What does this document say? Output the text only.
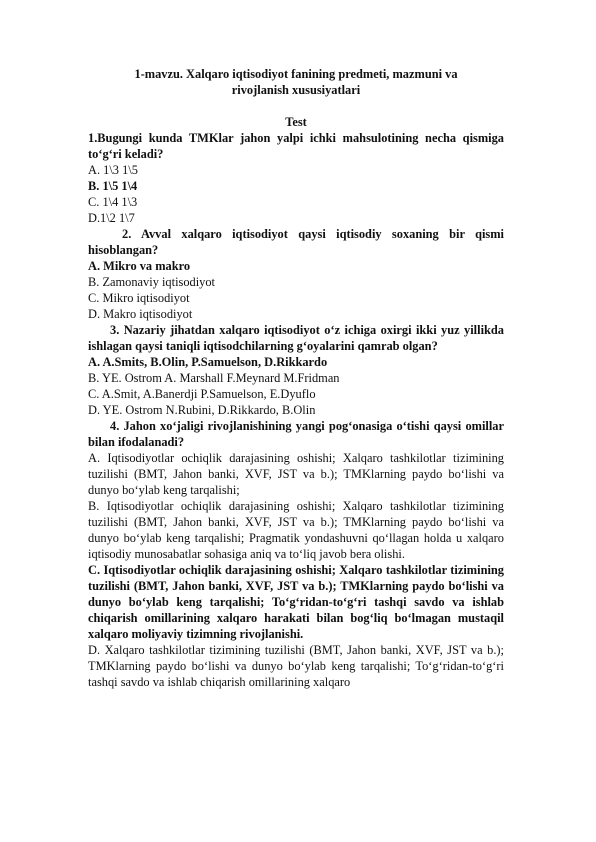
1-mavzu. Xalqaro iqtisodiyot fanining predmeti, mazmuni va rivojlanish xususiyatlari

Test

1.Bugungi kunda TMKlar jahon yalpi ichki mahsulotining necha qismiga to‘g‘ri keladi?

A. 1\3 1\5

B. 1\5 1\4

C. 1\4 1\3

D.1\2 1\7

2. Avval xalqaro iqtisodiyot qaysi iqtisodiy soxaning bir qismi hisoblangan?

A. Mikro va makro

B. Zamonaviy iqtisodiyot

C. Mikro iqtisodiyot

D. Makro iqtisodiyot

3. Nazariy jihatdan xalqaro iqtisodiyot o‘z ichiga oxirgi ikki yuz yillikda ishlagan qaysi taniqli iqtisodchilarning g‘oyalarini qamrab olgan?

A. A.Smits, B.Olin, P.Samuelson, D.Rikkardo

B. YE. Ostrom A. Marshall F.Meynard M.Fridman

C. A.Smit, A.Banerdji P.Samuelson, E.Dyuflo

D. YE. Ostrom N.Rubini, D.Rikkardo, B.Olin

4. Jahon xo‘jaligi rivojlanishining yangi pog‘onasiga o‘tishi qaysi omillar bilan ifodalanadi?

A. Iqtisodiyotlar ochiqlik darajasining oshishi; Xalqaro tashkilotlar tizimining tuzilishi (BMT, Jahon banki, XVF, JST va b.); TMKlarning paydo bo‘lishi va dunyo bo‘ylab keng tarqalishi;

B. Iqtisodiyotlar ochiqlik darajasining oshishi; Xalqaro tashkilotlar tizimining tuzilishi (BMT, Jahon banki, XVF, JST va b.); TMKlarning paydo bo‘lishi va dunyo bo‘ylab keng tarqalishi; Pragmatik yondashuvni qo‘llagan holda u xalqaro iqtisodiy munosabatlar sohasiga aniq va to‘liq javob bera olishi.

C. Iqtisodiyotlar ochiqlik darajasining oshishi; Xalqaro tashkilotlar tizimining tuzilishi (BMT, Jahon banki, XVF, JST va b.); TMKlarning paydo bo‘lishi va dunyo bo‘ylab keng tarqalishi; To‘g‘ridan-to‘g‘ri tashqi savdo va ishlab chiqarish omillarining xalqaro harakati bilan bog‘liq bo‘lmagan mustaqil xalqaro moliyaviy tizimning rivojlanishi.

D. Xalqaro tashkilotlar tizimining tuzilishi (BMT, Jahon banki, XVF, JST va b.); TMKlarning paydo bo‘lishi va dunyo bo‘ylab keng tarqalishi; To‘g‘ridan-to‘g‘ri tashqi savdo va ishlab chiqarish omillarining xalqaro
